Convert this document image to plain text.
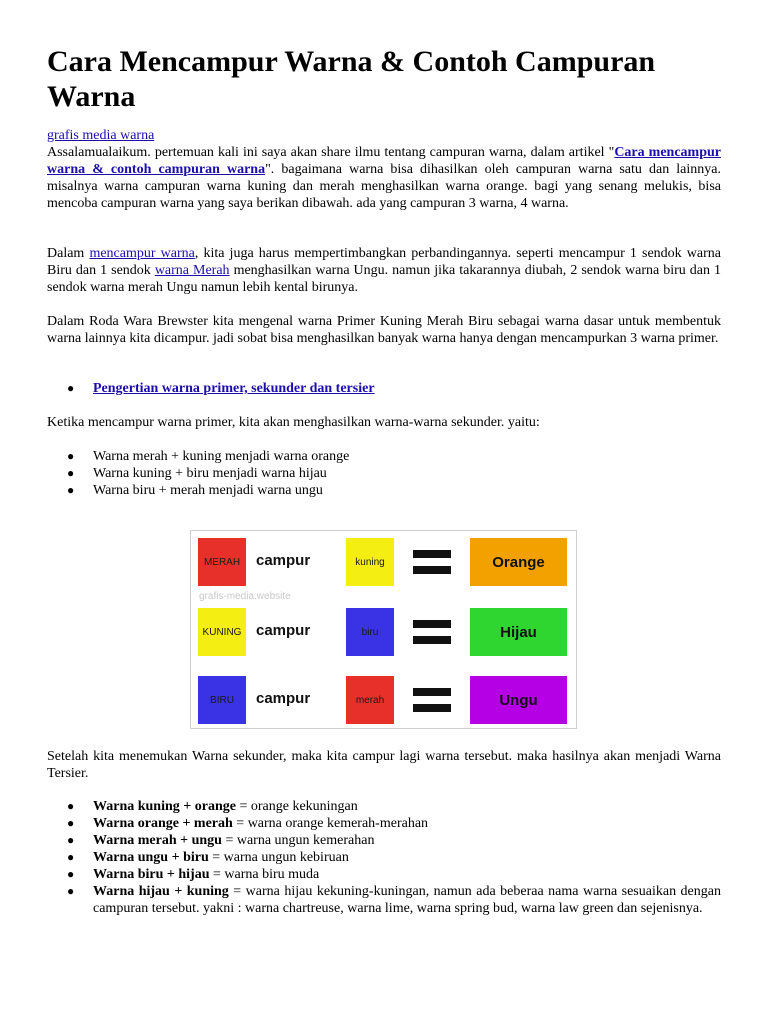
Cara Mencampur Warna & Contoh Campuran Warna

grafis media warna
Assalamualaikum. pertemuan kali ini saya akan share ilmu tentang campuran warna, dalam artikel "Cara mencampur warna & contoh campuran warna". bagaimana warna bisa dihasilkan oleh campuran warna satu dan lainnya. misalnya warna campuran warna kuning dan merah menghasilkan warna orange. bagi yang senang melukis, bisa mencoba campuran warna yang saya berikan dibawah. ada yang campuran 3 warna, 4 warna.

Dalam mencampur warna, kita juga harus mempertimbangkan perbandingannya. seperti mencampur 1 sendok warna Biru dan 1 sendok warna Merah menghasilkan warna Ungu. namun jika takarannya diubah, 2 sendok warna biru dan 1 sendok warna merah Ungu namun lebih kental birunya.

Dalam Roda Wara Brewster kita mengenal warna Primer Kuning Merah Biru sebagai warna dasar untuk membentuk warna lainnya kita dicampur. jadi sobat bisa menghasilkan banyak warna hanya dengan mencampurkan 3 warna primer.

● Pengertian warna primer, sekunder dan tersier

Ketika mencampur warna primer, kita akan menghasilkan warna-warna sekunder. yaitu:

● Warna merah + kuning menjadi warna orange
● Warna kuning + biru menjadi warna hijau
● Warna biru + merah menjadi warna ungu
grafis-media.website
MERAH campur	kuning	Orange
KUNING campur	biru	Hijau
BIRU campur	merah	Ungu

Setelah kita menemukan Warna sekunder, maka kita campur lagi warna tersebut. maka hasilnya akan menjadi Warna Tersier.

● Warna kuning + orange = orange kekuningan
● Warna orange + merah = warna orange kemerah-merahan
● Warna merah + ungu = warna ungun kemerahan
● Warna ungu + biru = warna ungun kebiruan
● Warna biru + hijau = warna biru muda
● Warna hijau + kuning = warna hijau kekuning-kuningan, namun ada beberaa nama warna sesuaikan dengan campuran tersebut. yakni : warna chartreuse, warna lime, warna spring bud, warna law green dan sejenisnya.
